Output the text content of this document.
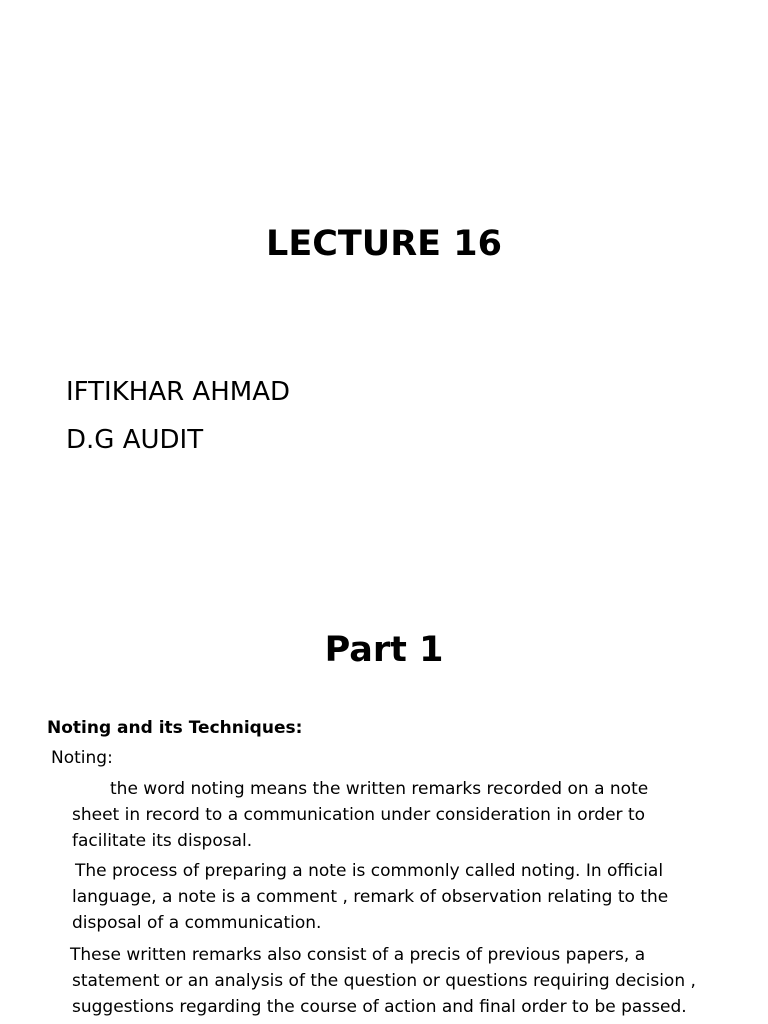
LECTURE 16
IFTIKHAR AHMAD
D.G AUDIT
Part 1
Noting and its Techniques:
Noting:
the word noting means the written remarks recorded on a note
sheet in record to a communication under consideration in order to
facilitate its disposal.
The process of preparing a note is commonly called noting. In official
language, a note is a comment , remark of observation relating to the
disposal of a communication.
These written remarks also consist of a precis of previous papers, a
statement or an analysis of the question or questions requiring decision ,
suggestions regarding the course of action and final order to be passed.
